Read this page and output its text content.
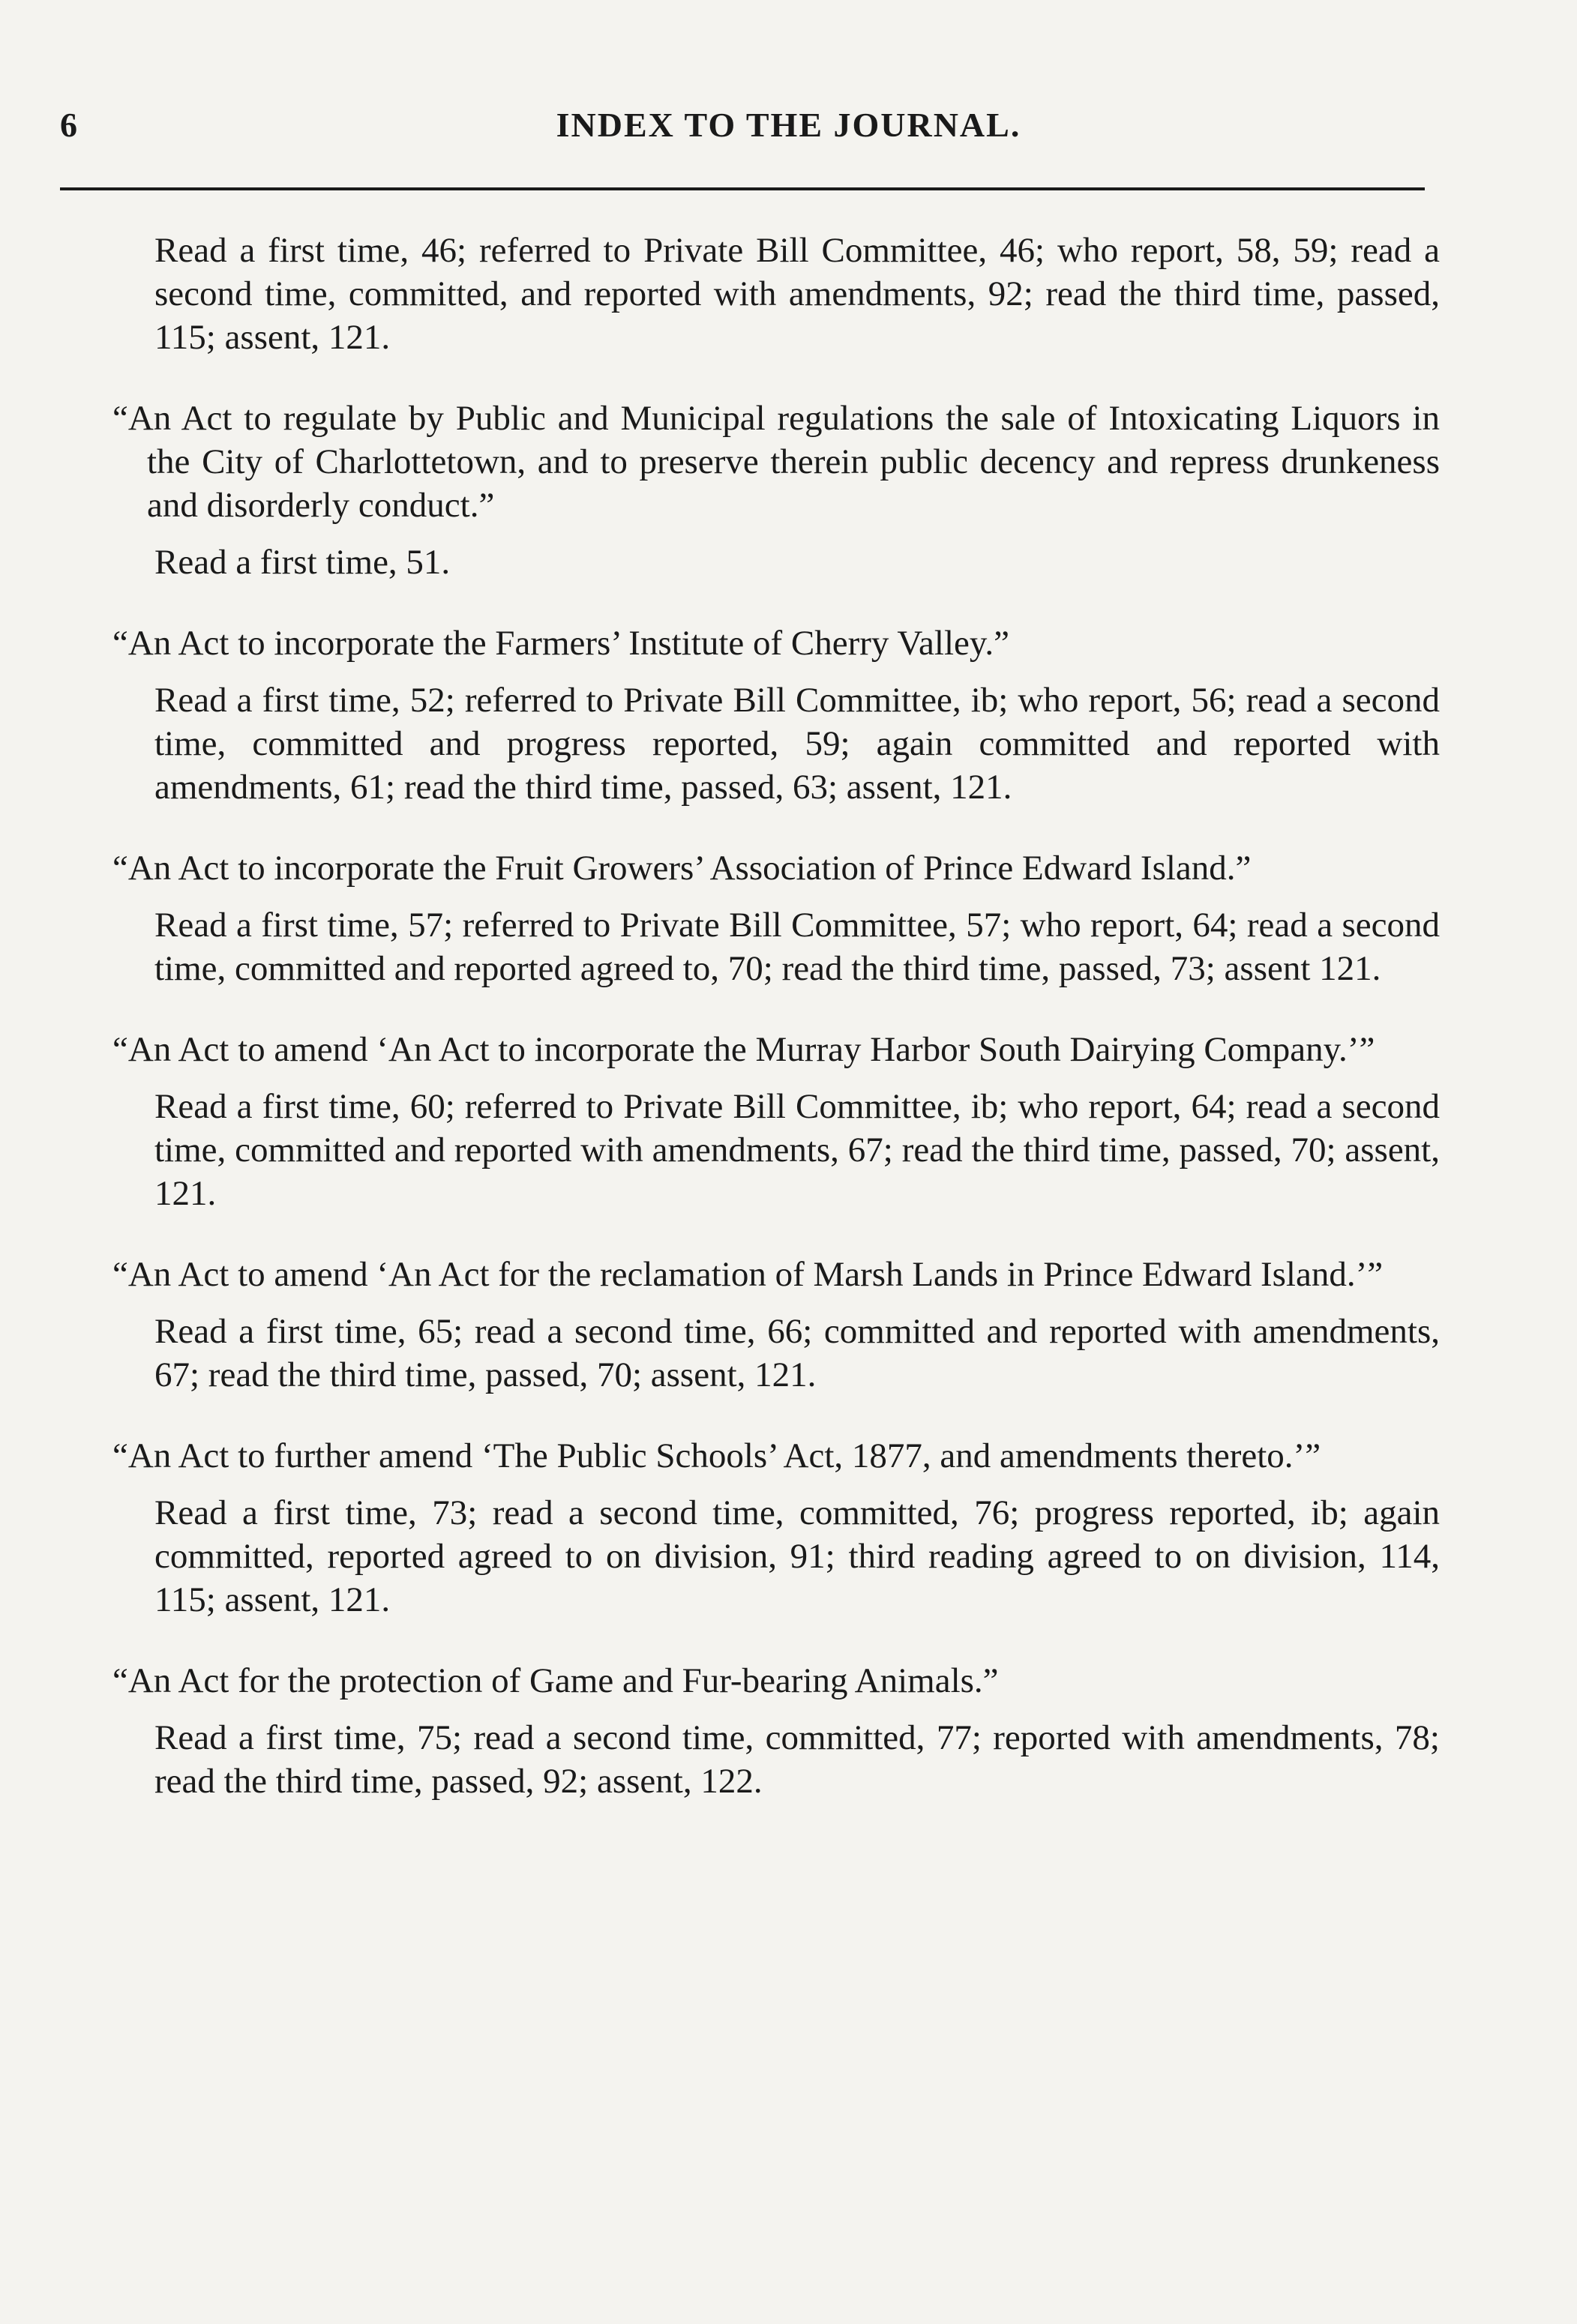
6	INDEX TO THE JOURNAL.

Read a first time, 46; referred to Private Bill Committee, 46; who report, 58, 59; read a second time, committed, and reported with amendments, 92; read the third time, passed, 115; assent, 121.

“An Act to regulate by Public and Municipal regulations the sale of Intoxicating Liquors in the City of Charlottetown, and to preserve therein public decency and repress drunkeness and disorderly conduct.”

Read a first time, 51.

“An Act to incorporate the Farmers’ Institute of Cherry Valley.”

Read a first time, 52; referred to Private Bill Committee, ib; who report, 56; read a second time, committed and progress reported, 59; again committed and reported with amendments, 61; read the third time, passed, 63; assent, 121.

“An Act to incorporate the Fruit Growers’ Association of Prince Edward Island.”

Read a first time, 57; referred to Private Bill Committee, 57; who report, 64; read a second time, committed and reported agreed to, 70; read the third time, passed, 73; assent 121.

“An Act to amend ‘An Act to incorporate the Murray Harbor South Dairying Company.’”

Read a first time, 60; referred to Private Bill Committee, ib; who report, 64; read a second time, committed and reported with amendments, 67; read the third time, passed, 70; assent, 121.

“An Act to amend ‘An Act for the reclamation of Marsh Lands in Prince Edward Island.’”

Read a first time, 65; read a second time, 66; committed and reported with amendments, 67; read the third time, passed, 70; assent, 121.

“An Act to further amend ‘The Public Schools’ Act, 1877, and amendments thereto.’”

Read a first time, 73; read a second time, committed, 76; progress reported, ib; again committed, reported agreed to on division, 91; third reading agreed to on division, 114, 115; assent, 121.

“An Act for the protection of Game and Fur-bearing Animals.”

Read a first time, 75; read a second time, committed, 77; reported with amendments, 78; read the third time, passed, 92; assent, 122.
